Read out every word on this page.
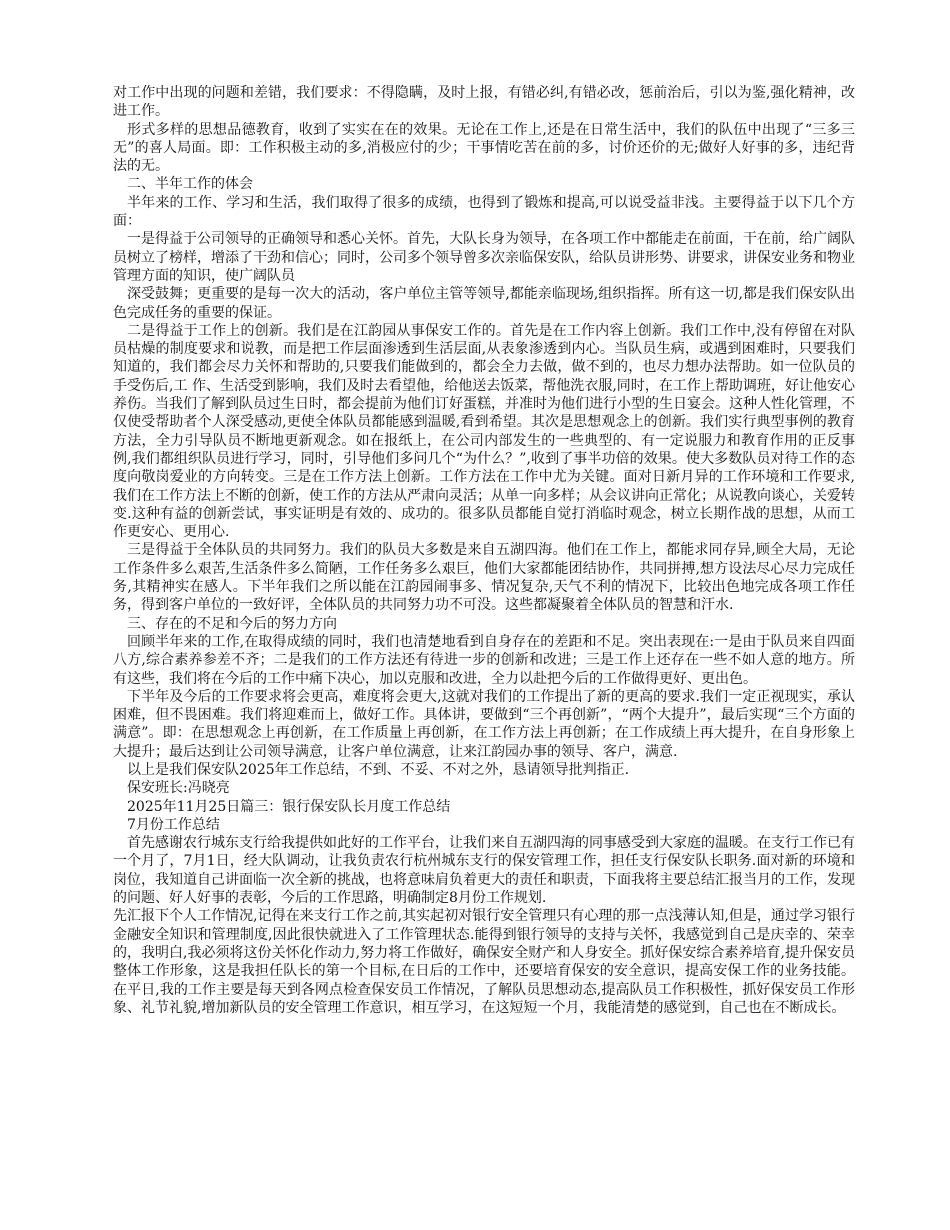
对工作中出现的问题和差错，我们要求：不得隐瞒，及时上报，有错必纠,有错必改，惩前治后，引以为鉴,强化精神，改进工作。

形式多样的思想品德教育，收到了实实在在的效果。无论在工作上,还是在日常生活中，我们的队伍中出现了“三多三无”的喜人局面。即：工作积极主动的多,消极应付的少；干事情吃苦在前的多，讨价还价的无;做好人好事的多，违纪背法的无。

二、半年工作的体会

半年来的工作、学习和生活，我们取得了很多的成绩，也得到了锻炼和提高,可以说受益非浅。主要得益于以下几个方面：

一是得益于公司领导的正确领导和悉心关怀。首先，大队长身为领导，在各项工作中都能走在前面，干在前，给广阔队员树立了榜样，增添了干劲和信心；同时，公司多个领导曾多次亲临保安队，给队员讲形势、讲要求，讲保安业务和物业管理方面的知识，使广阔队员

深受鼓舞；更重要的是每一次大的活动，客户单位主管等领导,都能亲临现场,组织指挥。所有这一切,都是我们保安队出色完成任务的重要的保证。

二是得益于工作上的创新。我们是在江韵园从事保安工作的。首先是在工作内容上创新。我们工作中,没有停留在对队员枯燥的制度要求和说教，而是把工作层面渗透到生活层面,从表象渗透到内心。当队员生病，或遇到困难时，只要我们知道的，我们都会尽力关怀和帮助的,只要我们能做到的，都会全力去做，做不到的，也尽力想办法帮助。如一位队员的手受伤后,工 作、生活受到影响，我们及时去看望他，给他送去饭菜，帮他洗衣服,同时，在工作上帮助调班，好让他安心养伤。当我们了解到队员过生日时，都会提前为他们订好蛋糕，并准时为他们进行小型的生日宴会。这种人性化管理，不仅使受帮助者个人深受感动,更使全体队员都能感到温暖,看到希望。其次是思想观念上的创新。我们实行典型事例的教育方法，全力引导队员不断地更新观念。如在报纸上，在公司内部发生的一些典型的、有一定说服力和教育作用的正反事例,我们都组织队员进行学习，同时，引导他们多问几个“为什么？”,收到了事半功倍的效果。使大多数队员对待工作的态度向敬岗爱业的方向转变。三是在工作方法上创新。工作方法在工作中尤为关键。面对日新月异的工作环境和工作要求,我们在工作方法上不断的创新，使工作的方法从严肃向灵活；从单一向多样；从会议讲向正常化；从说教向谈心，关爱转变.这种有益的创新尝试，事实证明是有效的、成功的。很多队员都能自觉打消临时观念，树立长期作战的思想，从而工作更安心、更用心.

三是得益于全体队员的共同努力。我们的队员大多数是来自五湖四海。他们在工作上，都能求同存异,顾全大局，无论工作条件多么艰苦,生活条件多么简陋，工作任务多么艰巨，他们大家都能团结协作，共同拼搏,想方设法尽心尽力完成任务,其精神实在感人。下半年我们之所以能在江韵园闹事多、情况复杂,天气不利的情况下，比较出色地完成各项工作任务，得到客户单位的一致好评，全体队员的共同努力功不可没。这些都凝聚着全体队员的智慧和汗水.

三、存在的不足和今后的努力方向

回顾半年来的工作,在取得成绩的同时，我们也清楚地看到自身存在的差距和不足。突出表现在:一是由于队员来自四面八方,综合素养参差不齐；二是我们的工作方法还有待进一步的创新和改进；三是工作上还存在一些不如人意的地方。所有这些，我们将在今后的工作中痛下决心，加以克服和改进，全力以赴把今后的工作做得更好、更出色。

下半年及今后的工作要求将会更高，难度将会更大,这就对我们的工作提出了新的更高的要求.我们一定正视现实，承认困难，但不畏困难。我们将迎难而上，做好工作。具体讲，要做到“三个再创新”，“两个大提升”，最后实现“三个方面的满意”。即：在思想观念上再创新，在工作质量上再创新，在工作方法上再创新；在工作成绩上再大提升，在自身形象上大提升；最后达到让公司领导满意，让客户单位满意，让来江韵园办事的领导、客户，满意.

以上是我们保安队2025年工作总结，不到、不妥、不对之外，恳请领导批判指正.

保安班长:冯晓亮

2025年11月25日篇三：银行保安队长月度工作总结

7月份工作总结

首先感谢农行城东支行给我提供如此好的工作平台，让我们来自五湖四海的同事感受到大家庭的温暖。在支行工作已有一个月了，7月1日，经大队调动，让我负责农行杭州城东支行的保安管理工作，担任支行保安队长职务.面对新的环境和岗位，我知道自己讲面临一次全新的挑战，也将意味肩负着更大的责任和职责，下面我将主要总结汇报当月的工作，发现的问题、好人好事的表彰，今后的工作思路，明确制定8月份工作规划.

先汇报下个人工作情况,记得在来支行工作之前,其实起初对银行安全管理只有心理的那一点浅薄认知,但是，通过学习银行金融安全知识和管理制度,因此很快就进入了工作管理状态.能得到银行领导的支持与关怀，我感觉到自己是庆幸的、荣幸的，我明白,我必须将这份关怀化作动力,努力将工作做好，确保安全财产和人身安全。抓好保安综合素养培育,提升保安员整体工作形象，这是我担任队长的第一个目标,在日后的工作中，还要培育保安的安全意识，提高安保工作的业务技能。在平日,我的工作主要是每天到各网点检查保安员工作情况，了解队员思想动态,提高队员工作积极性，抓好保安员工作形象、礼节礼貌,增加新队员的安全管理工作意识，相互学习，在这短短一个月，我能清楚的感觉到，自己也在不断成长。
